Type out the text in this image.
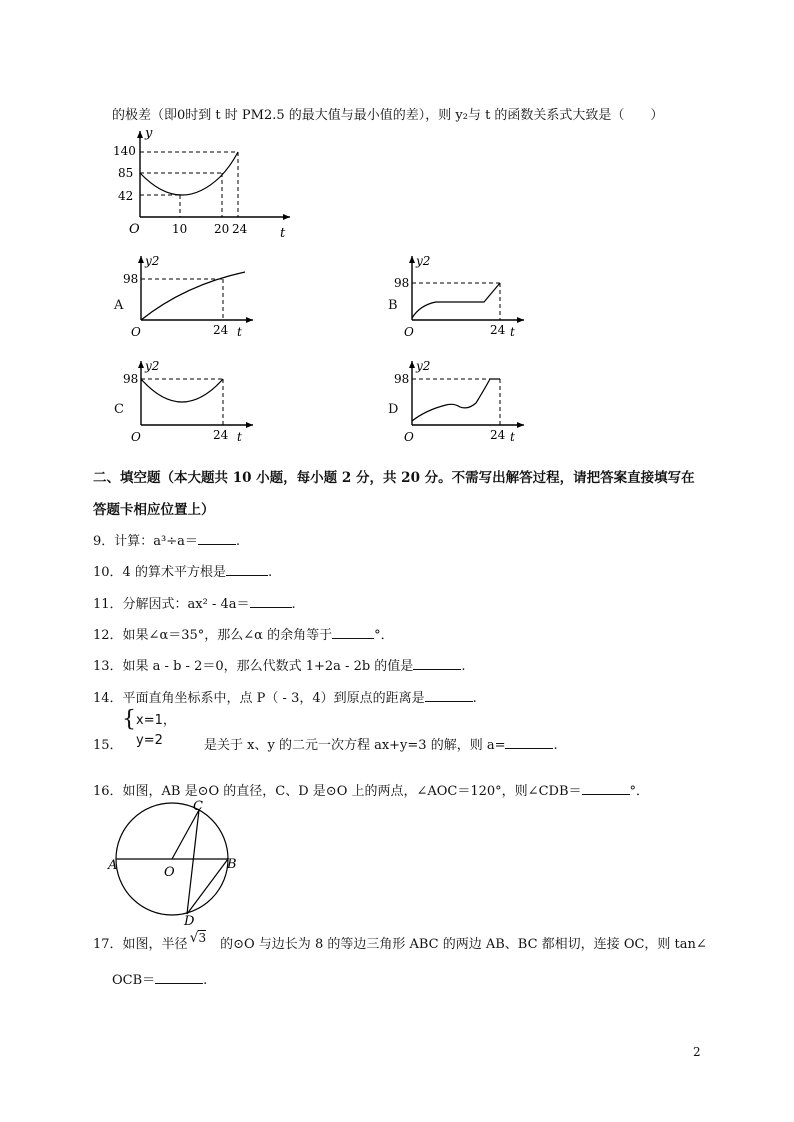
的极差（即0时到 t 时 PM2.5 的最大值与最小值的差），则 y₂与 t 的函数关系式大致是（　　）
y
t
O
140
85
42
10 20 24
A
y2
98
24 t
O
B
y2
98
24 t
O
C
y2
98
24 t
O
D
y2
98
24 t
O
二、填空题（本大题共 10 小题，每小题 2 分，共 20 分。不需写出解答过程，请把答案直接填写在
答题卡相应位置上）
9．计算：a³÷a＝	.
10．4 的算术平方根是	.
11．分解因式：ax² - 4a＝	.
12．如果∠α＝35°，那么∠α 的余角等于	°．
13．如果 a - b - 2＝0，那么代数式 1+2a - 2b 的值是	.
14．平面直角坐标系中，点 P（ - 3，4）到原点的距离是	.
15．
{ x=1，
y=2	是关于 x、y 的二元一次方程 ax+y=3 的解，则 a=	.
16．如图，AB 是⊙O 的直径，C、D 是⊙O 上的两点，∠AOC＝120°，则∠CDB＝	°．
A	B
C
D
O
17．如图，半径 √3 的⊙O 与边长为 8 的等边三角形 ABC 的两边 AB、BC 都相切，连接 OC，则 tan∠
OCB＝	.
2
